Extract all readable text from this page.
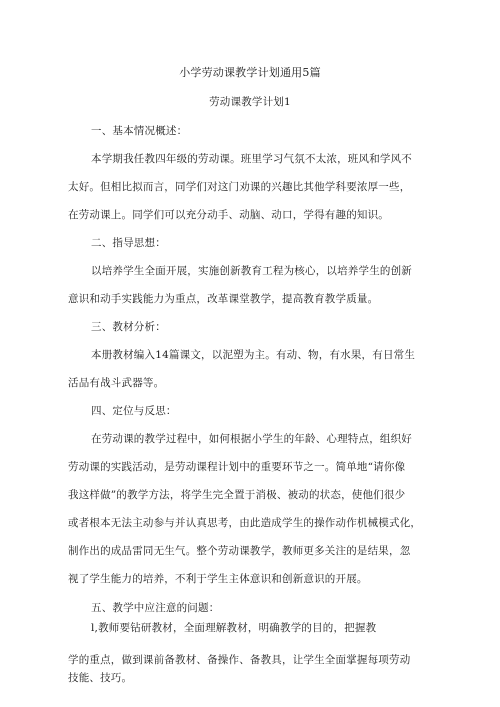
小学劳动课教学计划通用5篇
劳动课教学计划1
一、基本情况概述：
本学期我任教四年级的劳动课。班里学习气氛不太浓，班风和学风不
太好。但相比拟而言，同学们对这门劝课的兴趣比其他学科要浓厚一些，
在劳动课上。同学们可以充分动手、动脑、动口，学得有趣的知识。
二、指导思想：
以培养学生全面开展，实施创新教育工程为核心，以培养学生的创新
意识和动手实践能力为重点，改革课堂教学，提高教育教学质量。
三、教材分析：
本册教材编入14篇课文，以泥塑为主。有动、物，有水果，有日常生
活品有战斗武器等。
四、定位与反思：
在劳动课的教学过程中，如何根据小学生的年龄、心理特点，组织好
劳动课的实践活动，是劳动课程计划中的重要环节之一。简单地“请你像
我这样做”的教学方法，将学生完全置于消极、被动的状态，使他们很少
或者根本无法主动参与并认真思考，由此造成学生的操作动作机械模式化，
制作出的成品雷同无生气。整个劳动课教学，教师更多关注的是结果，忽
视了学生能力的培养，不利于学生主体意识和创新意识的开展。
五、教学中应注意的问题：
l,教师要钻研教材，全面理解教材，明确教学的目的，把握教
学的重点，做到课前备教材、备操作、备教具，让学生全面掌握每项劳动
技能、技巧。
